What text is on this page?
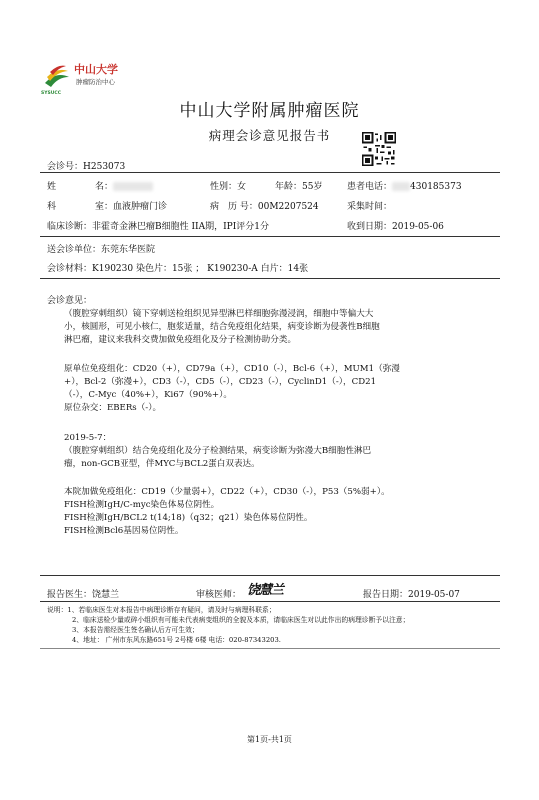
中山大学
肿瘤防治中心
SYSUCC
中山大学附属肿瘤医院
病理会诊意见报告书
会诊号：H253073
姓	名：	性别：女	年龄：55岁	患者电话： 430185373
科	室：血液肿瘤门诊	病 历 号：00M2207524	采集时间：
临床诊断：非霍奇金淋巴瘤B细胞性 IIA期，IPI评分1分	收到日期：2019-05-06
送会诊单位：东莞东华医院
会诊材料：K190230 染色片：15张 ； K190230-A 白片：14张
会诊意见：
（腹腔穿刺组织）镜下穿刺送检组织见异型淋巴样细胞弥漫浸润，细胞中等偏大大
小，核圆形，可见小核仁，胞浆适量，结合免疫组化结果，病变诊断为侵袭性B细胞
淋巴瘤，建议来我科交费加做免疫组化及分子检测协助分类。
原单位免疫组化：CD20（+），CD79a（+），CD10（-），Bcl-6（+），MUM1（弥漫
+），Bcl-2（弥漫+），CD3（-），CD5（-），CD23（-），CyclinD1（-），CD21
（-），C-Myc（40%+），Ki67（90%+）。
原位杂交：EBERs（-）。
2019-5-7：
（腹腔穿刺组织）结合免疫组化及分子检测结果，病变诊断为弥漫大B细胞性淋巴
瘤，non-GCB亚型，伴MYC与BCL2蛋白双表达。
本院加做免疫组化：CD19（少量弱+），CD22（+），CD30（-），P53（5%弱+）。
FISH检测IgH/C-myc染色体易位阴性。
FISH检测IgH/BCL2 t(14;18)（q32；q21）染色体易位阴性。
FISH检测Bcl6基因易位阴性。
报告医生：饶慧兰	审核医师： 饶慧兰	报告日期：2019-05-07
说明：1、若临床医生对本报告中病理诊断存有疑问，请及时与病理科联系；
2、临床送检少量或碎小组织有可能未代表病变组织的全貌及本质，请临床医生对以此作出的病理诊断予以注意；
3、本报告需经医生签名确认后方可生效；
4、地址： 广州市东风东路651号 2号楼 6楼 电话：020-87343203.
第1页-共1页
